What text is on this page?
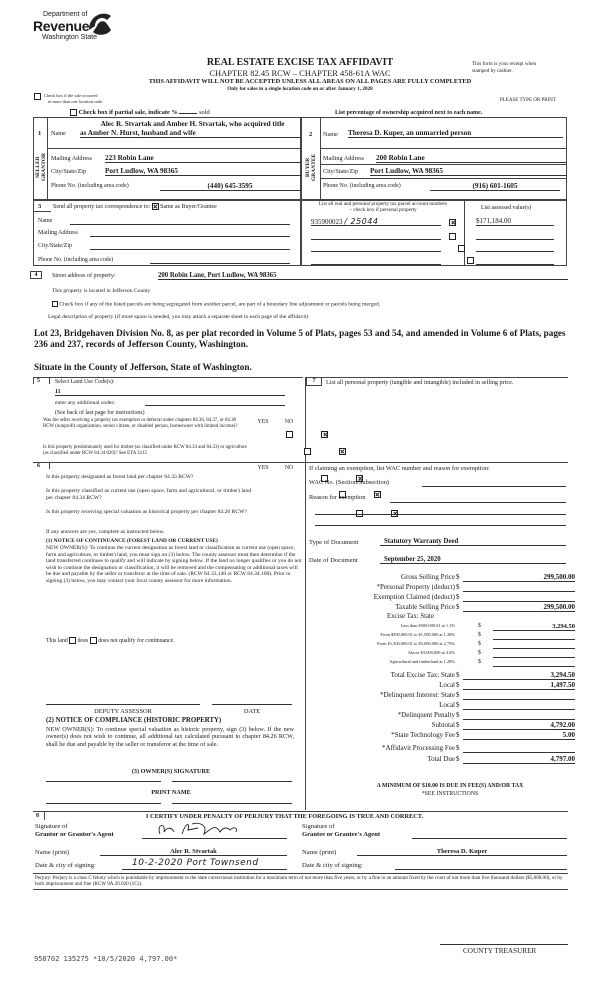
Department of
Revenue
Washington State
REAL ESTATE EXCISE TAX AFFIDAVIT
CHAPTER 82.45 RCW – CHAPTER 458-61A WAC
THIS AFFIDAVIT WILL NOT BE ACCEPTED UNLESS ALL AREAS ON ALL PAGES ARE FULLY COMPLETED
Only for sales in a single location code on or after January 1, 2020
This form is your receipt when
stamped by cashier.
PLEASE TYPE OR PRINT
Check box if the sale occurred
in more than one location code.
Check box if partial sale, indicate %	sold	List percentage of ownership acquired next to each name.
1
SELLER GRANTOR
Name
Alec R. Stvartak and Amber H. Stvartak, who acquired title
as Amber N. Hurst, husband and wife
Mailing Address 223 Robin Lane
City/State/Zip	Port Ludlow, WA 98365
Phone No. (including area code)	(440) 645-3595
2
BUYER GRANTEE
Name Theresa D. Kuper, an unmarried person
Mailing Address 200 Robin Lane
City/State/Zip Port Ludlow, WA 98365
Phone No. (including area code)	(916) 601-1605
3 Send all property tax correspondence to: Same as Buyer/Grantee
Name
Mailing Address
City/State/Zip
Phone No. (including area code)
List all real and personal property tax parcel account numbers
– check box if personal property	List assessed value(s)
935900023 / 25044	$171,184.00

4	Street address of property:	200 Robin Lane, Port Ludlow, WA 98365
This property is located in Jefferson County
Check box if any of the listed parcels are being segregated from another parcel, are part of a boundary line adjustment or parcels being merged.
Legal description of property (if more space is needed, you may attach a separate sheet to each page of the affidavit)
Lot 23, Bridgehaven Division No. 8, as per plat recorded in Volume 5 of Plats, pages 53 and 54, and amended in Volume 6 of Plats, pages 236 and 237, records of Jefferson County, Washington.
Situate in the County of Jefferson, State of Washington.
5	Select Land Use Code(s):
11
enter any additional codes:
(See back of last page for instructions)
YES	NO
Was the seller receiving a property tax exemption or deferral under chapters 84.36, 84.37, or 84.38 RCW (nonprofit organization, senior citizen, or disabled person, homeowner with limited income)?

Is this property predominantly used for timber (as classified under RCW 84.34 and 84.33) or agriculture (as classified under RCW 84.34.020)? See ETA 3215

6	YES	NO
Is this property designated as forest land per chapter 84.33 RCW?

Is this property classified as current use (open space, farm and agricultural, or timber) land per chapter 84.34 RCW?

Is this property receiving special valuation as historical property per chapter 84.26 RCW?

If any answers are yes, complete as instructed below.
(1) NOTICE OF CONTINUANCE (FOREST LAND OR CURRENT USE)
NEW OWNER(S): To continue the current designation as forest land or classification as current use (open space, farm and agriculture, or timber) land, you must sign on (3) below. The county assessor must then determine if the land transferred continues to qualify and will indicate by signing below. If the land no longer qualifies or you do not wish to continue the designation or classification, it will be removed and the compensating or additional taxes will be due and payable by the seller or transferor at the time of sale. (RCW 84.33.140 or RCW 84.34.108). Prior to signing (3) below, you may contact your local county assessor for more information.
This land does does not qualify for continuance.
DEPUTY ASSESSOR	DATE
(2) NOTICE OF COMPLIANCE (HISTORIC PROPERTY)
NEW OWNER(S): To continue special valuation as historic property, sign (3) below. If the new owner(s) does not wish to continue, all additional tax calculated pursuant to chapter 84.26 RCW, shall be due and payable by the seller or transferor at the time of sale.
(3) OWNER(S) SIGNATURE
PRINT NAME
7	List all personal property (tangible and intangible) included in selling price.
If claiming an exemption, list WAC number and reason for exemption:
WAC No. (Section/Subsection)
Reason for exemption
Type of Document	Statutory Warranty Deed
Date of Document	September 25, 2020
Gross Selling Price $	299,500.00
*Personal Property (deduct) $
Exemption Claimed (deduct) $
Taxable Selling Price $	299,500.00
Excise Tax: State
Less than $500,000.01 at 1.1%	$	3,294.50
From $500,000.01 to $1,500,000 at 1.28%	$
From $1,500,000.01 to $3,000,000 at 2.75%	$
Above $3,000,000 at 3.0%	$
Agricultural and timberland at 1.28%	$
Total Excise Tax: State $	3,294.50
Local $	1,497.50
*Delinquent Interest: State $
Local $
*Delinquent Penalty $
Subtotal $	4,792.00
*State Technology Fee $	5.00
*Affidavit Processing Fee $
Total Due $	4,797.00
A MINIMUM OF $10.00 IS DUE IN FEE(S) AND/OR TAX
*SEE INSTRUCTIONS
8	I CERTIFY UNDER PENALTY OF PERJURY THAT THE FOREGOING IS TRUE AND CORRECT.
Signature of
Grantor or Grantor's Agent
Signature of
Grantee or Grantee's Agent
Name (print)	Alec R. Stvartak	Name (print)	Theresa D. Kuper
Date & city of signing:	10-2-2020 Port Townsend	Date & city of signing:
Perjury: Perjury is a class C felony which is punishable by imprisonment in the state correctional institution for a maximum term of not more than five years, or by a fine in an amount fixed by the court of not more than five thousand dollars ($5,000.00), or by both imprisonment and fine (RCW 9A.20.020 (1C)).
958702 135275 *10/5/2020 4,797.00*
COUNTY TREASURER
